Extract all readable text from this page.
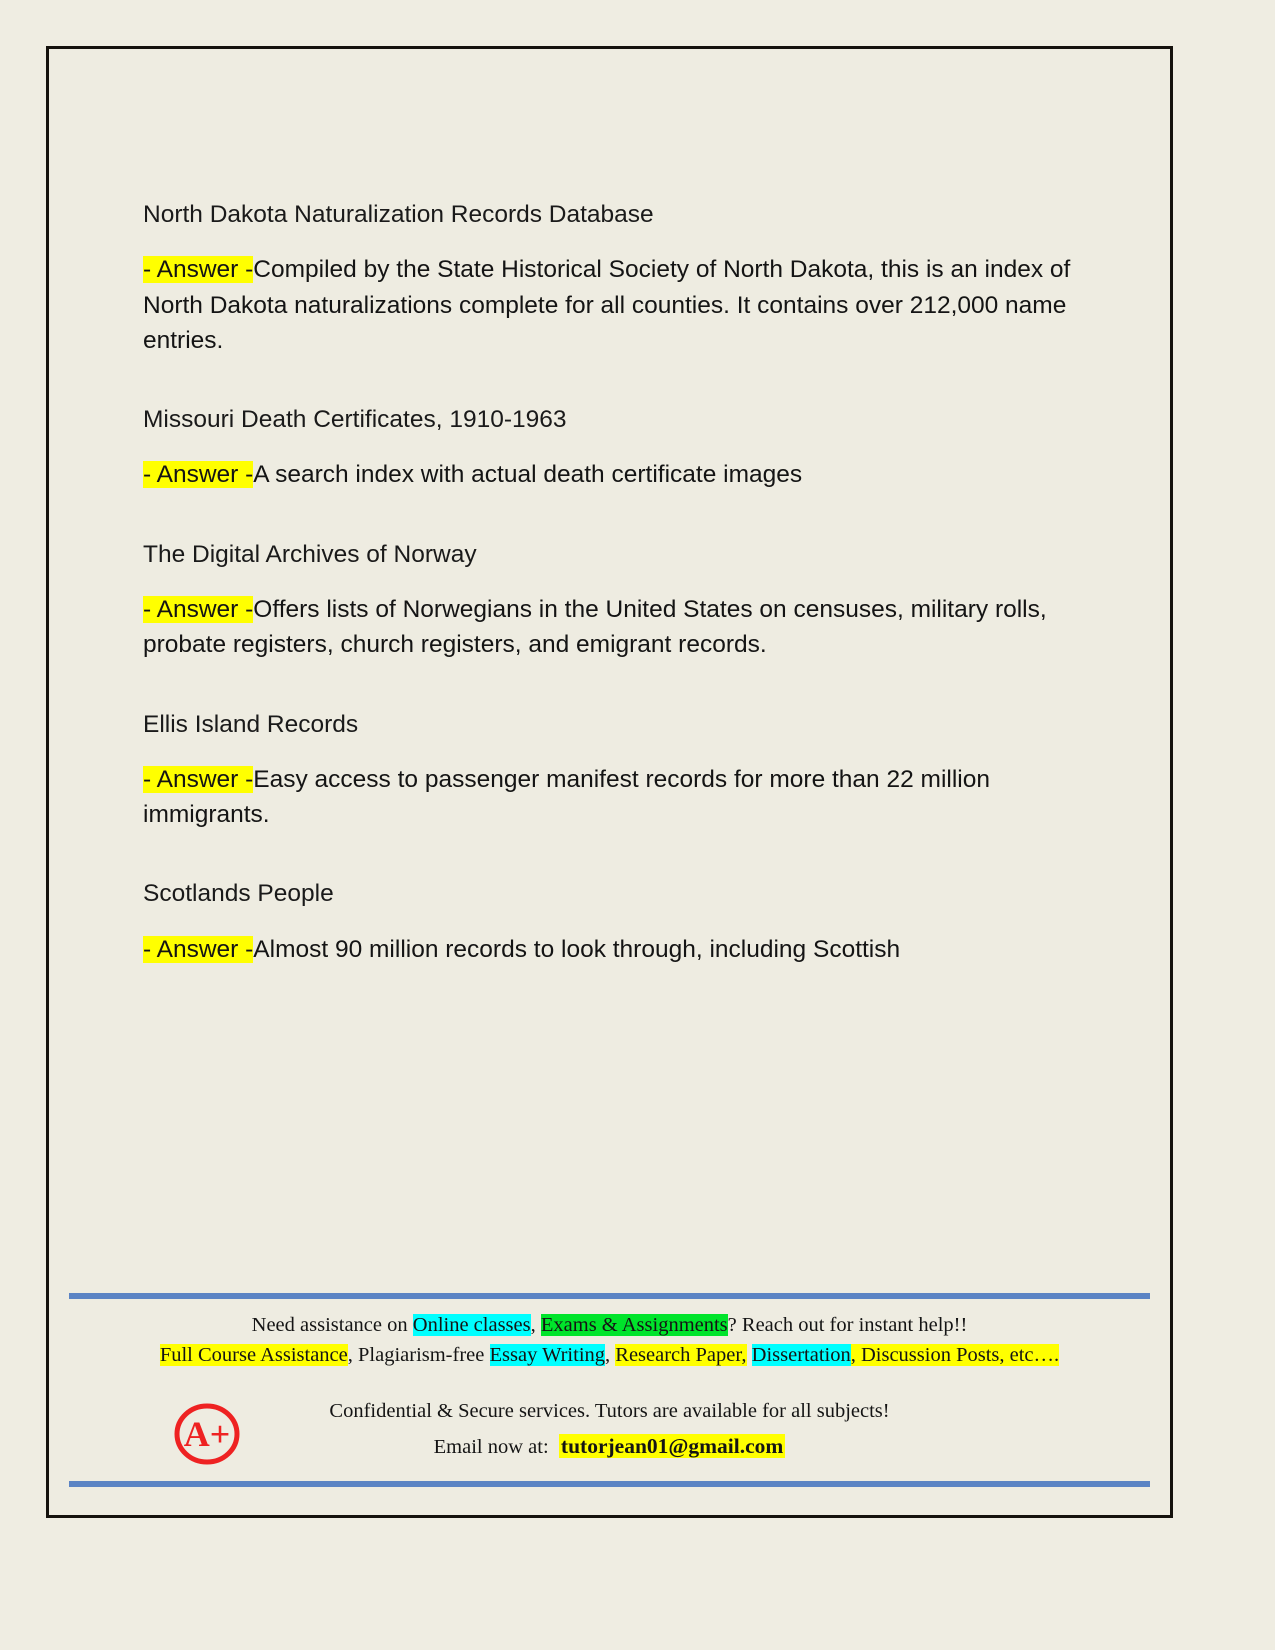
North Dakota Naturalization Records Database
- Answer -Compiled by the State Historical Society of North Dakota, this is an index of North Dakota naturalizations complete for all counties. It contains over 212,000 name entries.
Missouri Death Certificates, 1910-1963
- Answer -A search index with actual death certificate images
The Digital Archives of Norway
- Answer -Offers lists of Norwegians in the United States on censuses, military rolls, probate registers, church registers, and emigrant records.
Ellis Island Records
- Answer -Easy access to passenger manifest records for more than 22 million immigrants.
Scotlands People
- Answer -Almost 90 million records to look through, including Scottish
Need assistance on Online classes, Exams & Assignments? Reach out for instant help!!
Full Course Assistance, Plagiarism-free Essay Writing, Research Paper, Dissertation, Discussion Posts, etc….
A+
Confidential & Secure services. Tutors are available for all subjects!
Email now at: tutorjean01@gmail.com
